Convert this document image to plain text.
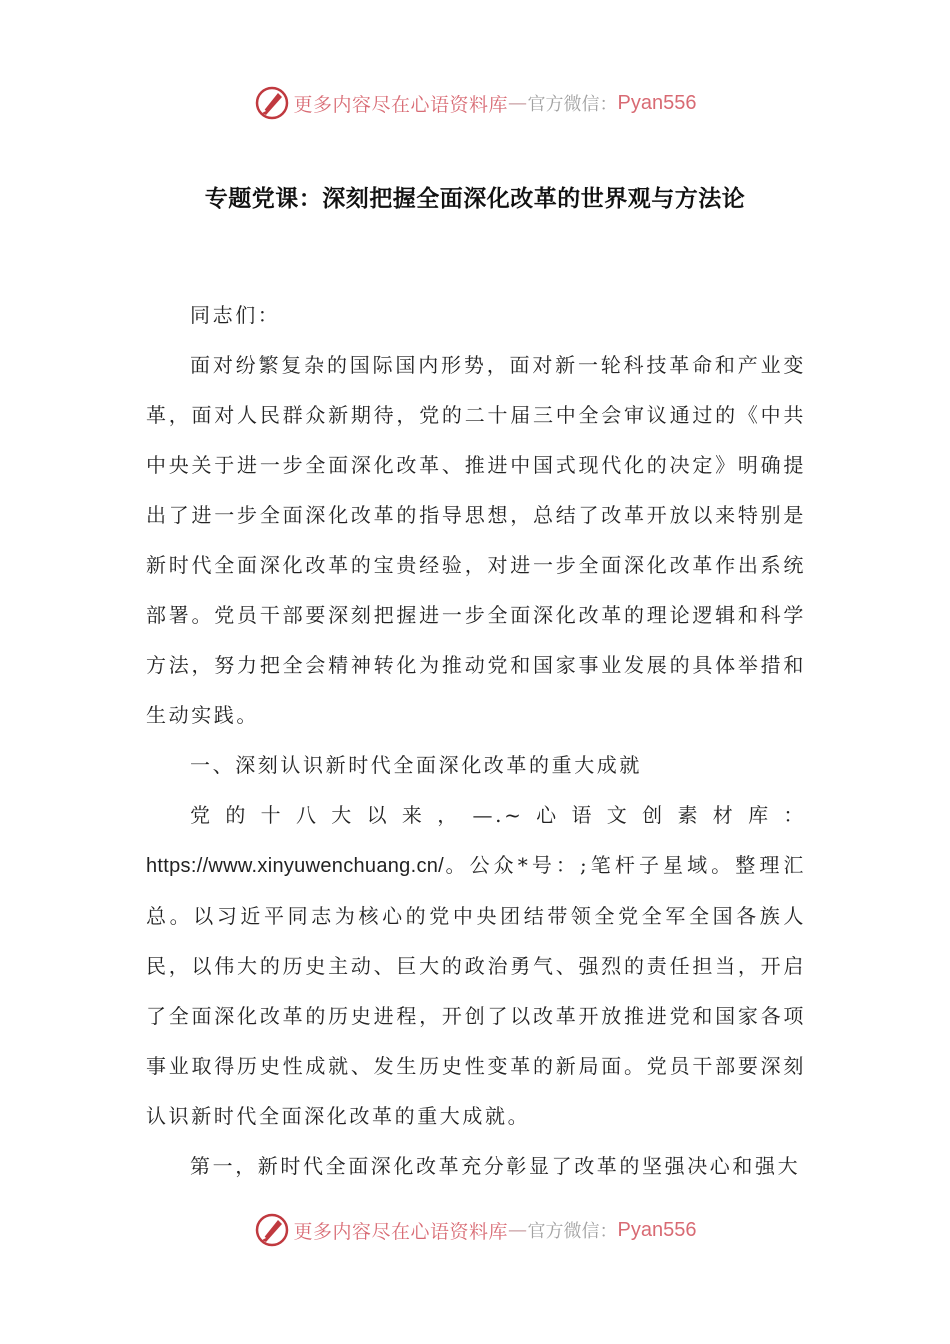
更多内容尽在心语资料库 — 官方微信： Pyan556
专题党课：深刻把握全面深化改革的世界观与方法论

同志们：

面对纷繁复杂的国际国内形势，面对新一轮科技革命和产业变革，面对人民群众新期待，党的二十届三中全会审议通过的《中共中央关于进一步全面深化改革、推进中国式现代化的决定》明确提出了进一步全面深化改革的指导思想，总结了改革开放以来特别是新时代全面深化改革的宝贵经验，对进一步全面深化改革作出系统部署。党员干部要深刻把握进一步全面深化改革的理论逻辑和科学方法，努力把全会精神转化为推动党和国家事业发展的具体举措和生动实践。

一、深刻认识新时代全面深化改革的重大成就

党的十八大以来，—.~心语文创素材库：https://www.xinyuwenchuang.cn/。公众*号：;笔杆子星域。整理汇总。以习近平同志为核心的党中央团结带领全党全军全国各族人民，以伟大的历史主动、巨大的政治勇气、强烈的责任担当，开启了全面深化改革的历史进程，开创了以改革开放推进党和国家各项事业取得历史性成就、发生历史性变革的新局面。党员干部要深刻认识新时代全面深化改革的重大成就。

第一，新时代全面深化改革充分彰显了改革的坚强决心和强大

更多内容尽在心语资料库 — 官方微信： Pyan556
